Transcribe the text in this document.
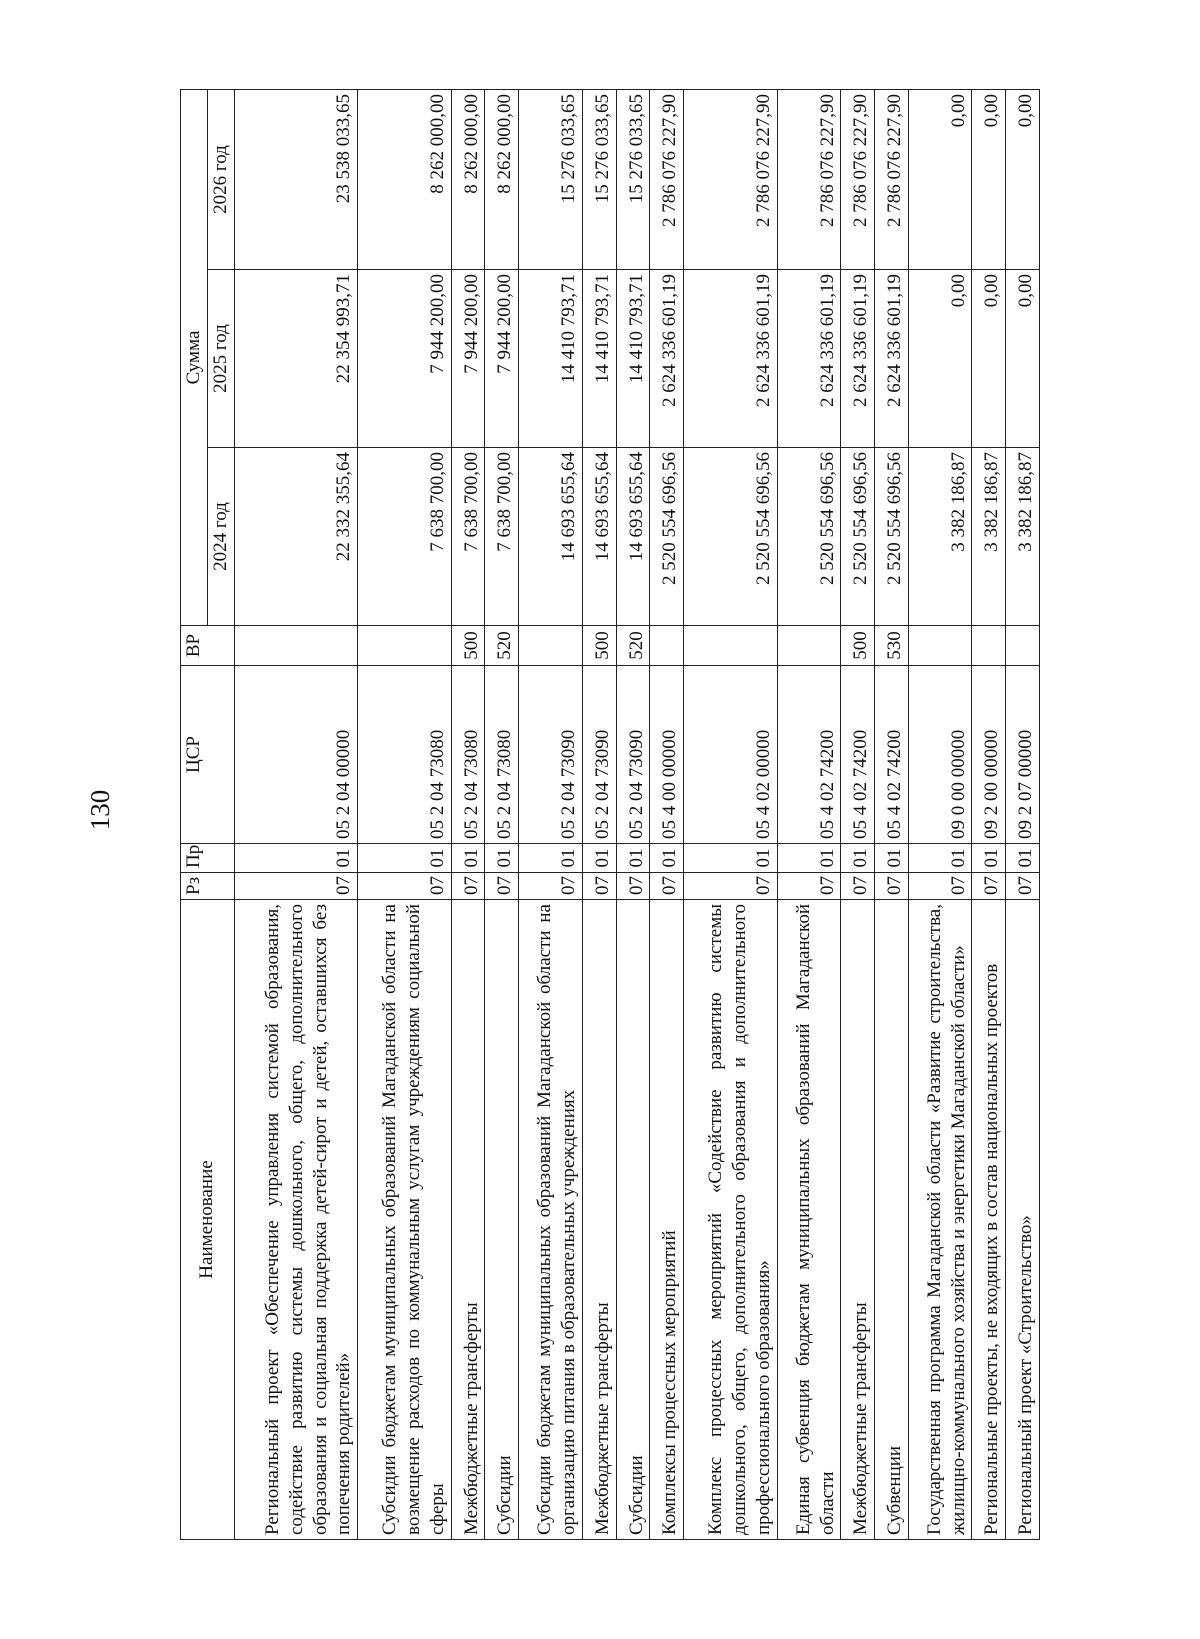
130
Наименование	Рз	Пр	ЦСР	ВР	Сумма		
					2024 год	2025 год	2026 год
Региональный проект «Обеспечение управления системой образования, содействие развитию системы дошкольного, общего, дополнительного образования и социальная поддержка детей-сирот и детей, оставшихся без попечения родителей»	07	01	05 2 04 00000		22 332 355,64	22 354 993,71	23 538 033,65
Субсидии бюджетам муниципальных образований Магаданской области на возмещение расходов по коммунальным услугам учреждениям социальной сферы	07	01	05 2 04 73080		7 638 700,00	7 944 200,00	8 262 000,00
Межбюджетные трансферты	07	01	05 2 04 73080	500	7 638 700,00	7 944 200,00	8 262 000,00
Субсидии	07	01	05 2 04 73080	520	7 638 700,00	7 944 200,00	8 262 000,00
Субсидии бюджетам муниципальных образований Магаданской области на организацию питания в образовательных учреждениях	07	01	05 2 04 73090		14 693 655,64	14 410 793,71	15 276 033,65
Межбюджетные трансферты	07	01	05 2 04 73090	500	14 693 655,64	14 410 793,71	15 276 033,65
Субсидии	07	01	05 2 04 73090	520	14 693 655,64	14 410 793,71	15 276 033,65
Комплексы процессных мероприятий	07	01	05 4 00 00000		2 520 554 696,56	2 624 336 601,19	2 786 076 227,90
Комплекс процессных мероприятий «Содействие развитию системы дошкольного, общего, дополнительного образования и дополнительного профессионального образования»	07	01	05 4 02 00000		2 520 554 696,56	2 624 336 601,19	2 786 076 227,90
Единая субвенция бюджетам муниципальных образований Магаданской области	07	01	05 4 02 74200		2 520 554 696,56	2 624 336 601,19	2 786 076 227,90
Межбюджетные трансферты	07	01	05 4 02 74200	500	2 520 554 696,56	2 624 336 601,19	2 786 076 227,90
Субвенции	07	01	05 4 02 74200	530	2 520 554 696,56	2 624 336 601,19	2 786 076 227,90
Государственная программа Магаданской области «Развитие строительства, жилищно-коммунального хозяйства и энергетики Магаданской области»	07	01	09 0 00 00000		3 382 186,87	0,00	0,00
Региональные проекты, не входящих в состав национальных проектов	07	01	09 2 00 00000		3 382 186,87	0,00	0,00
Региональный проект «Строительство»	07	01	09 2 07 00000		3 382 186,87	0,00	0,00
